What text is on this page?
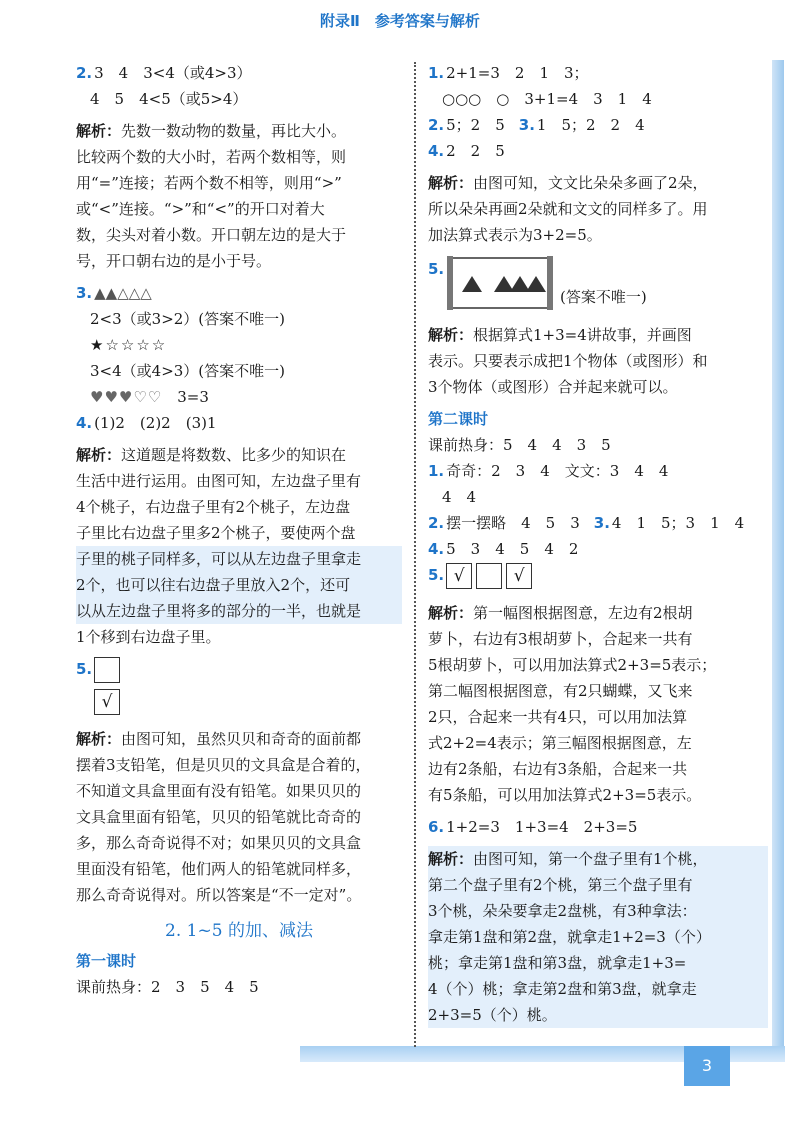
附录Ⅱ　参考答案与解析
2. 3　4　3<4（或4>3）
4　5　4<5（或5>4）
解析：先数一数动物的数量，再比大小。
比较两个数的大小时，若两个数相等，则
用“=”连接；若两个数不相等，则用“>”
或“<”连接。“>”和“<”的开口对着大
数，尖头对着小数。开口朝左边的是大于
号，开口朝右边的是小于号。
3. ▲▲△△△
2<3（或3>2）(答案不唯一)
★☆☆☆☆
3<4（或4>3）(答案不唯一)
♥♥♥♡♡　 3=3
4. (1)2　(2)2　(3)1
解析：这道题是将数数、比多少的知识在
生活中进行运用。由图可知，左边盘子里有
4个桃子，右边盘子里有2个桃子，左边盘
子里比右边盘子里多2个桃子，要使两个盘
子里的桃子同样多，可以从左边盘子里拿走
2个，也可以往右边盘子里放入2个，还可
以从左边盘子里将多的部分的一半，也就是
1个移到右边盘子里。
5.
√
解析：由图可知，虽然贝贝和奇奇的面前都
摆着3支铅笔，但是贝贝的文具盒是合着的，
不知道文具盒里面有没有铅笔。如果贝贝的
文具盒里面有铅笔，贝贝的铅笔就比奇奇的
多，那么奇奇说得不对；如果贝贝的文具盒
里面没有铅笔，他们两人的铅笔就同样多，
那么奇奇说得对。所以答案是“不一定对”。
2. 1~5 的加、减法
第一课时
课前热身：2　3　5　4　5
1. 2+1=3　2　1　3；
○○○　○　 3+1=4　3　1　4
2. 5；2　5 3. 1　5；2　2　4
4. 2　2　5
解析：由图可知，文文比朵朵多画了2朵，
所以朵朵再画2朵就和文文的同样多了。用
加法算式表示为3+2=5。
5.
(答案不唯一)
解析：根据算式1+3=4讲故事，并画图
表示。只要表示成把1个物体（或图形）和
3个物体（或图形）合并起来就可以。
第二课时
课前热身：5　4　4　3　5
1. 奇奇：2　3　4　文文：3　4　4
4　4
2. 摆一摆略　4　5　3 3. 4　1　5；3　1　4
4. 5　3　4　5　4　2
5. √	√
解析：第一幅图根据图意，左边有2根胡
萝卜，右边有3根胡萝卜，合起来一共有
5根胡萝卜，可以用加法算式2+3=5表示；
第二幅图根据图意，有2只蝴蝶，又飞来
2只，合起来一共有4只，可以用加法算
式2+2=4表示；第三幅图根据图意，左
边有2条船，右边有3条船，合起来一共
有5条船，可以用加法算式2+3=5表示。
6. 1+2=3　1+3=4　2+3=5
解析：由图可知，第一个盘子里有1个桃，
第二个盘子里有2个桃，第三个盘子里有
3个桃，朵朵要拿走2盘桃，有3种拿法：
拿走第1盘和第2盘，就拿走1+2=3（个）
桃；拿走第1盘和第3盘，就拿走1+3=
4（个）桃；拿走第2盘和第3盘，就拿走
2+3=5（个）桃。
3
